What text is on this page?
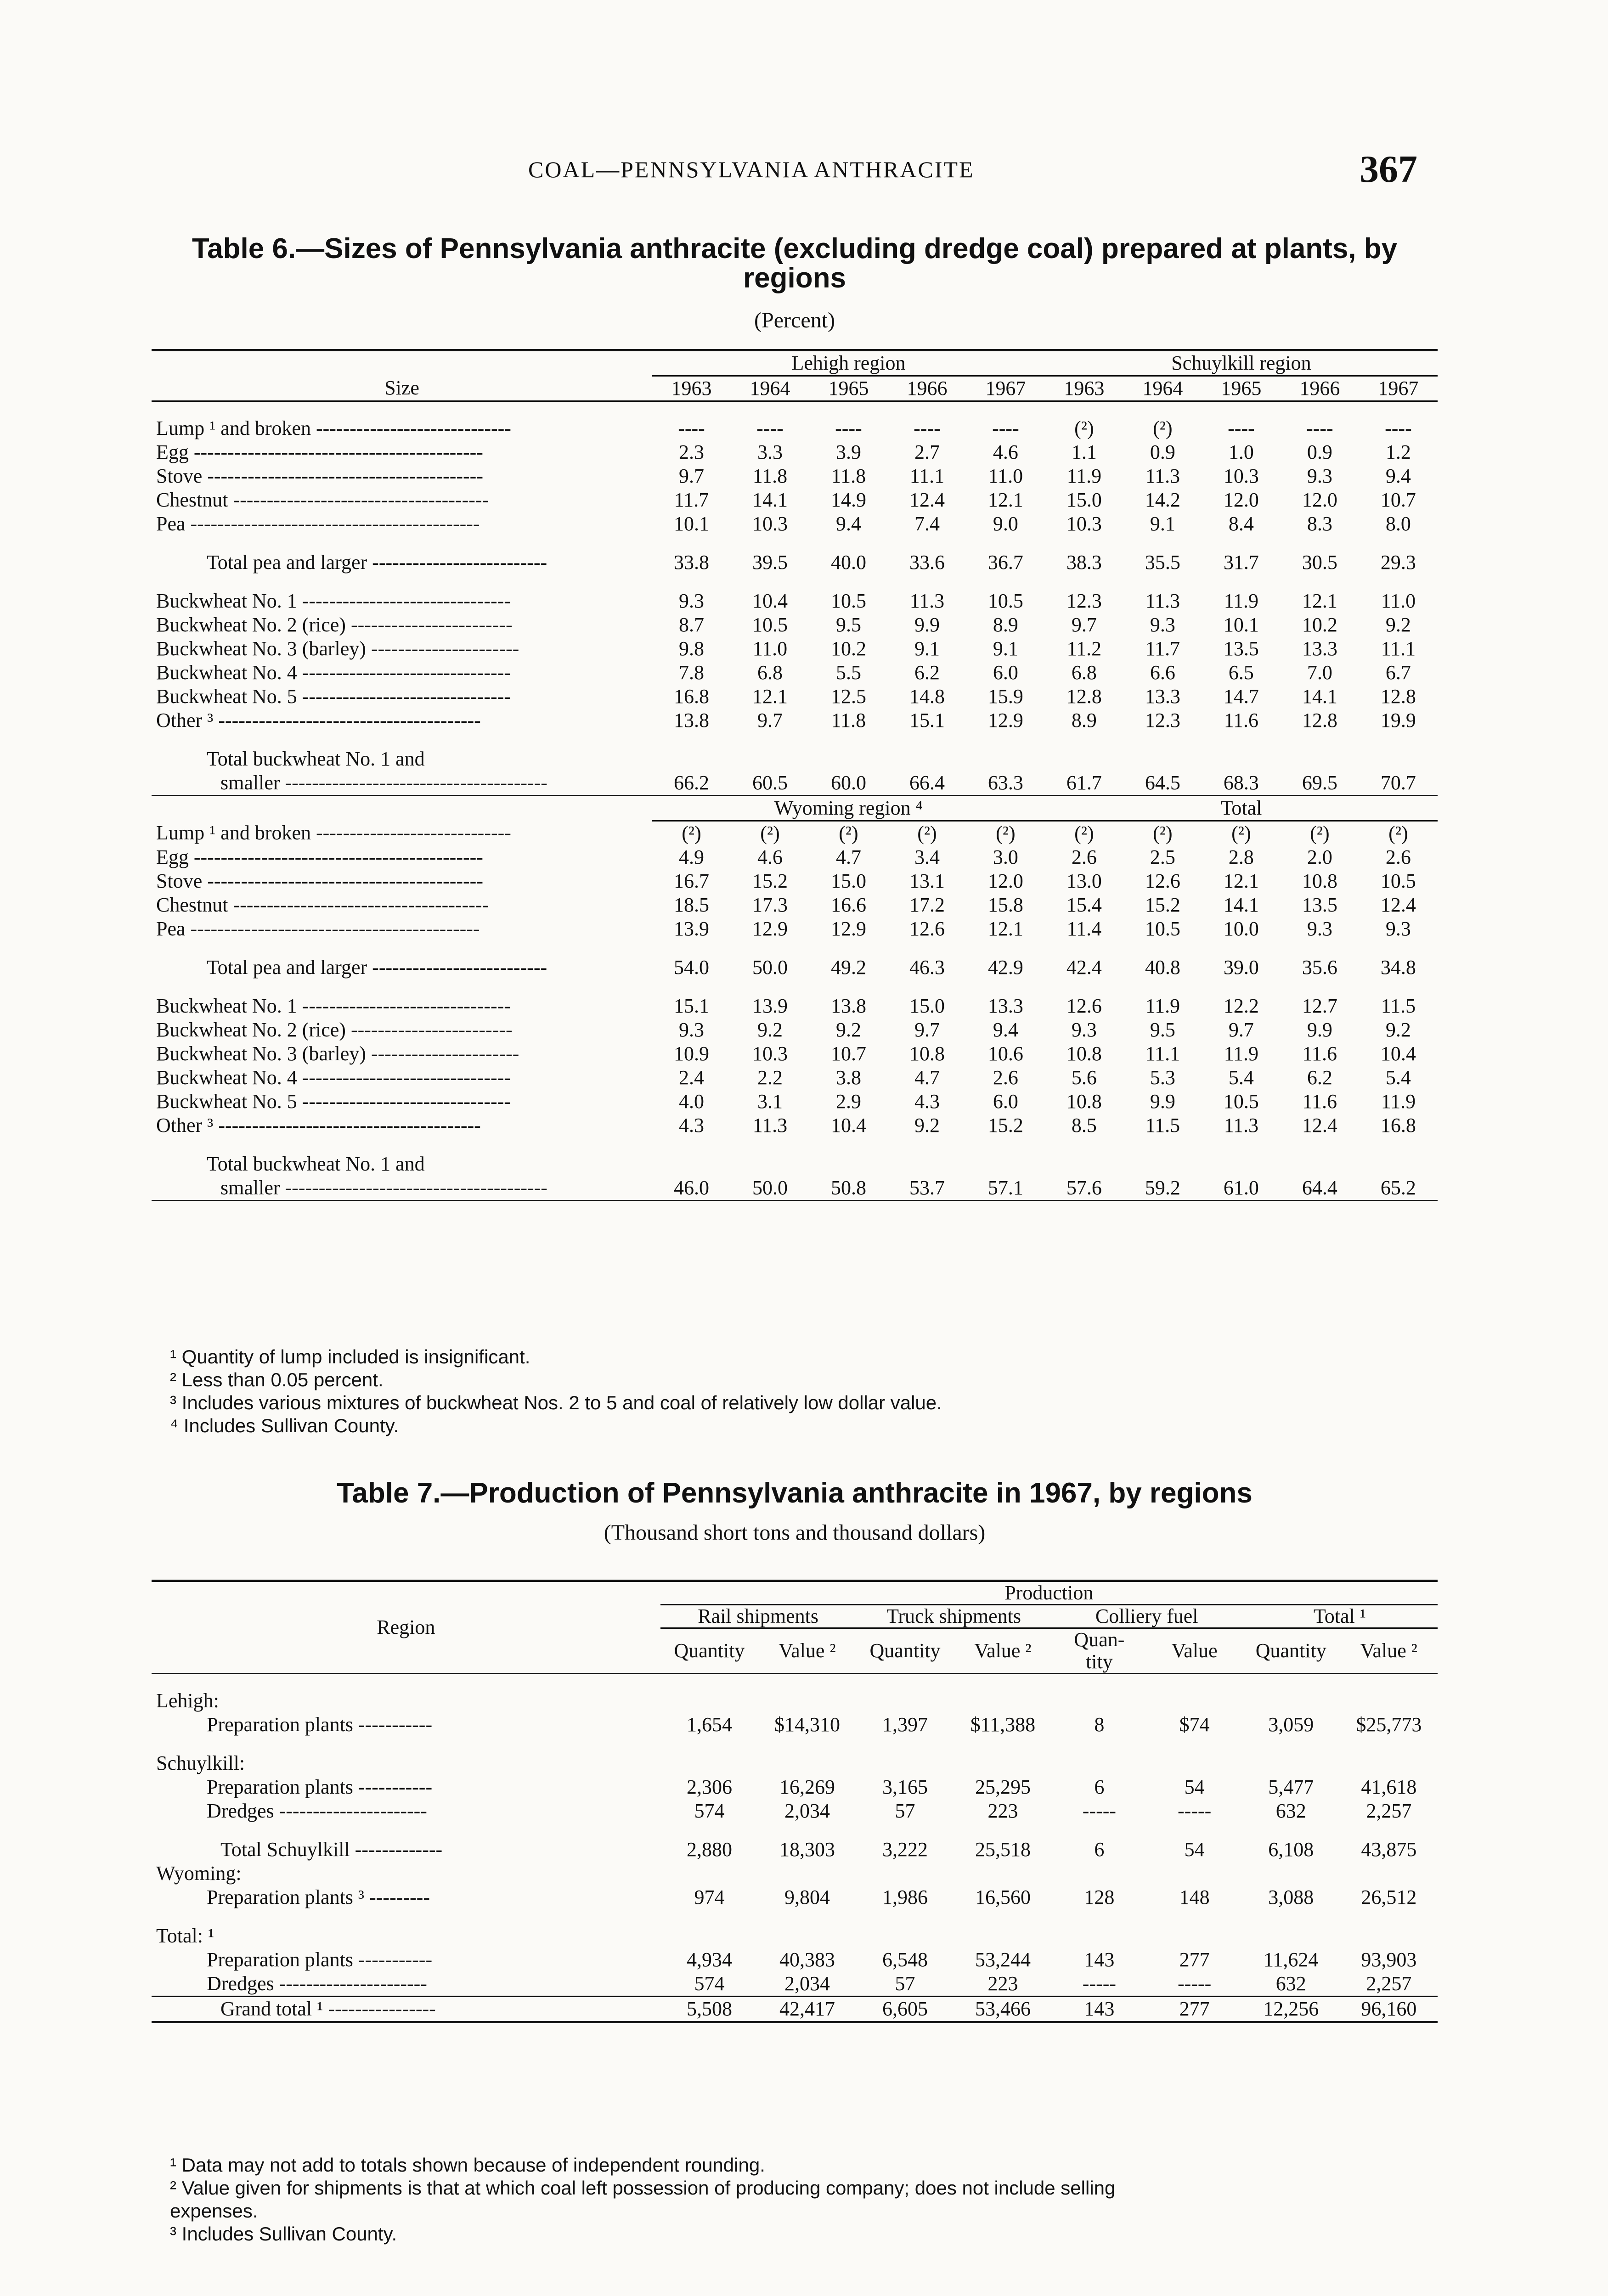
COAL—PENNSYLVANIA ANTHRACITE	367
Table 6.—Sizes of Pennsylvania anthracite (excluding dredge coal) prepared at plants, by
regions
(Percent)
	Lehigh region					Schuylkill region				
Size	1963	1964	1965	1966	1967	1963	1964	1965	1966	1967

Lump ¹ and broken -----------------------------	----	----	----	----	----	(²)	(²)	----	----	----
Egg -------------------------------------------	2.3	3.3	3.9	2.7	4.6	1.1	0.9	1.0	0.9	1.2
Stove -----------------------------------------	9.7	11.8	11.8	11.1	11.0	11.9	11.3	10.3	9.3	9.4
Chestnut --------------------------------------	11.7	14.1	14.9	12.4	12.1	15.0	14.2	12.0	12.0	10.7
Pea -------------------------------------------	10.1	10.3	9.4	7.4	9.0	10.3	9.1	8.4	8.3	8.0

Total pea and larger --------------------------	33.8	39.5	40.0	33.6	36.7	38.3	35.5	31.7	30.5	29.3

Buckwheat No. 1 -------------------------------	9.3	10.4	10.5	11.3	10.5	12.3	11.3	11.9	12.1	11.0
Buckwheat No. 2 (rice) ------------------------	8.7	10.5	9.5	9.9	8.9	9.7	9.3	10.1	10.2	9.2
Buckwheat No. 3 (barley) ----------------------	9.8	11.0	10.2	9.1	9.1	11.2	11.7	13.5	13.3	11.1
Buckwheat No. 4 -------------------------------	7.8	6.8	5.5	6.2	6.0	6.8	6.6	6.5	7.0	6.7
Buckwheat No. 5 -------------------------------	16.8	12.1	12.5	14.8	15.9	12.8	13.3	14.7	14.1	12.8
Other ³ ---------------------------------------	13.8	9.7	11.8	15.1	12.9	8.9	12.3	11.6	12.8	19.9

Total buckwheat No. 1 and										
smaller ---------------------------------------	66.2	60.5	60.0	66.4	63.3	61.7	64.5	68.3	69.5	70.7
	Wyoming region ⁴					Total				
Lump ¹ and broken -----------------------------	(²)	(²)	(²)	(²)	(²)	(²)	(²)	(²)	(²)	(²)
Egg -------------------------------------------	4.9	4.6	4.7	3.4	3.0	2.6	2.5	2.8	2.0	2.6
Stove -----------------------------------------	16.7	15.2	15.0	13.1	12.0	13.0	12.6	12.1	10.8	10.5
Chestnut --------------------------------------	18.5	17.3	16.6	17.2	15.8	15.4	15.2	14.1	13.5	12.4
Pea -------------------------------------------	13.9	12.9	12.9	12.6	12.1	11.4	10.5	10.0	9.3	9.3

Total pea and larger --------------------------	54.0	50.0	49.2	46.3	42.9	42.4	40.8	39.0	35.6	34.8

Buckwheat No. 1 -------------------------------	15.1	13.9	13.8	15.0	13.3	12.6	11.9	12.2	12.7	11.5
Buckwheat No. 2 (rice) ------------------------	9.3	9.2	9.2	9.7	9.4	9.3	9.5	9.7	9.9	9.2
Buckwheat No. 3 (barley) ----------------------	10.9	10.3	10.7	10.8	10.6	10.8	11.1	11.9	11.6	10.4
Buckwheat No. 4 -------------------------------	2.4	2.2	3.8	4.7	2.6	5.6	5.3	5.4	6.2	5.4
Buckwheat No. 5 -------------------------------	4.0	3.1	2.9	4.3	6.0	10.8	9.9	10.5	11.6	11.9
Other ³ ---------------------------------------	4.3	11.3	10.4	9.2	15.2	8.5	11.5	11.3	12.4	16.8

Total buckwheat No. 1 and										
smaller ---------------------------------------	46.0	50.0	50.8	53.7	57.1	57.6	59.2	61.0	64.4	65.2
¹ Quantity of lump included is insignificant.
² Less than 0.05 percent.
³ Includes various mixtures of buckwheat Nos. 2 to 5 and coal of relatively low dollar value.
⁴ Includes Sullivan County.
Table 7.—Production of Pennsylvania anthracite in 1967, by regions
(Thousand short tons and thousand dollars)
Region	Production							
	Rail shipments		Truck shipments		Colliery fuel		Total ¹	
	Quantity	Value ²	Quantity	Value ²	Quan-
tity	Value	Quantity	Value ²

Lehigh:								
Preparation plants -----------	1,654	$14,310	1,397	$11,388	8	$74	3,059	$25,773

Schuylkill:								
Preparation plants -----------	2,306	16,269	3,165	25,295	6	54	5,477	41,618
Dredges ----------------------	574	2,034	57	223	-----	-----	632	2,257

Total Schuylkill -------------	2,880	18,303	3,222	25,518	6	54	6,108	43,875
Wyoming:								
Preparation plants ³ ---------	974	9,804	1,986	16,560	128	148	3,088	26,512

Total: ¹								
Preparation plants -----------	4,934	40,383	6,548	53,244	143	277	11,624	93,903
Dredges ----------------------	574	2,034	57	223	-----	-----	632	2,257
Grand total ¹ ----------------	5,508	42,417	6,605	53,466	143	277	12,256	96,160
¹ Data may not add to totals shown because of independent rounding.
² Value given for shipments is that at which coal left possession of producing company; does not include selling
expenses.
³ Includes Sullivan County.
